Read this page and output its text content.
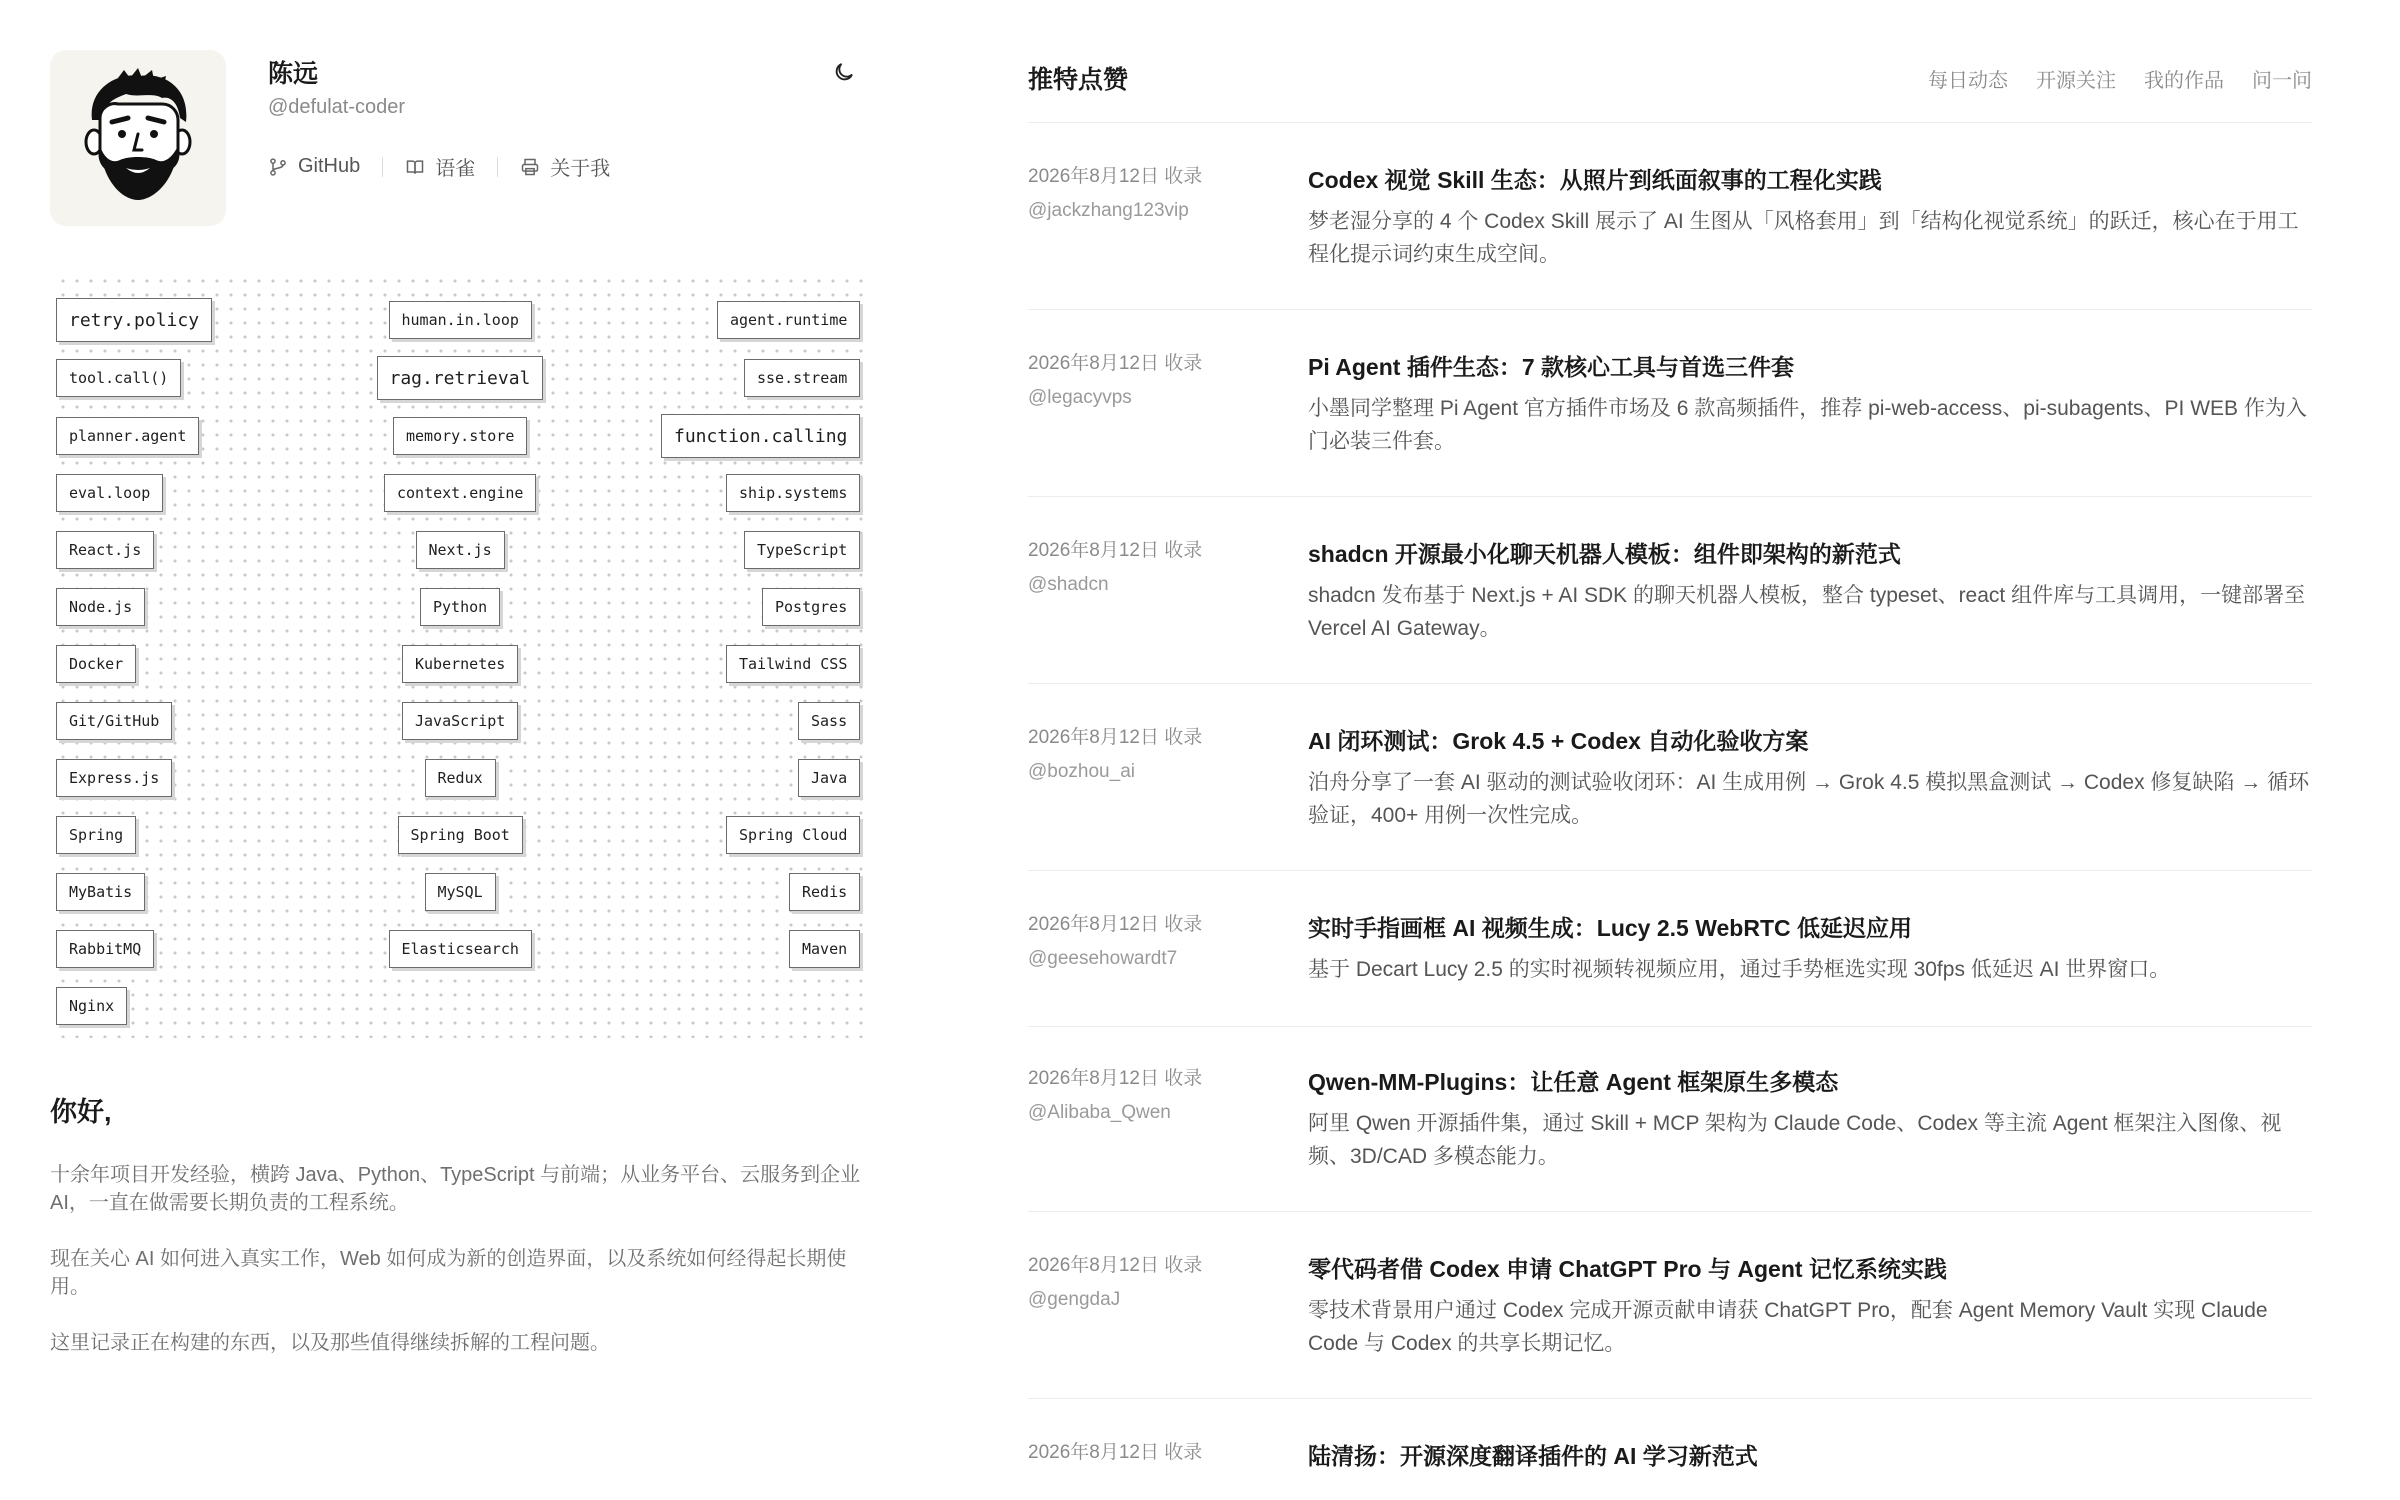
陈远
@defulat-coder
GitHub	语雀	关于我
retry.policy	human.in.loop	agent.runtime
tool.call()	rag.retrieval	sse.stream
planner.agent	memory.store	function.calling
eval.loop	context.engine	ship.systems
React.js	Next.js	TypeScript
Node.js	Python	Postgres
Docker	Kubernetes	Tailwind CSS
Git/GitHub	JavaScript	Sass
Express.js	Redux	Java
Spring	Spring Boot	Spring Cloud
MyBatis	MySQL	Redis
RabbitMQ	Elasticsearch	Maven
Nginx
你好,

十余年项目开发经验，横跨 Java、Python、TypeScript 与前端；从业务平台、云服务到企业 AI，一直在做需要长期负责的工程系统。

现在关心 AI 如何进入真实工作，Web 如何成为新的创造界面，以及系统如何经得起长期使用。

这里记录正在构建的东西，以及那些值得继续拆解的工程问题。

推特点赞	每日动态 开源关注 我的作品 问一问
2026年8月12日 收录
@jackzhang123vip
Codex 视觉 Skill 生态：从照片到纸面叙事的工程化实践
梦老湿分享的 4 个 Codex Skill 展示了 AI 生图从「风格套用」到「结构化视觉系统」的跃迁，核心在于用工程化提示词约束生成空间。
2026年8月12日 收录
@legacyvps
Pi Agent 插件生态：7 款核心工具与首选三件套
小墨同学整理 Pi Agent 官方插件市场及 6 款高频插件，推荐 pi-web-access、pi-subagents、PI WEB 作为入门必装三件套。
2026年8月12日 收录
@shadcn
shadcn 开源最小化聊天机器人模板：组件即架构的新范式
shadcn 发布基于 Next.js + AI SDK 的聊天机器人模板，整合 typeset、react 组件库与工具调用，一键部署至 Vercel AI Gateway。
2026年8月12日 收录
@bozhou_ai
AI 闭环测试：Grok 4.5 + Codex 自动化验收方案
泊舟分享了一套 AI 驱动的测试验收闭环：AI 生成用例 → Grok 4.5 模拟黑盒测试 → Codex 修复缺陷 → 循环验证，400+ 用例一次性完成。
2026年8月12日 收录
@geesehowardt7
实时手指画框 AI 视频生成：Lucy 2.5 WebRTC 低延迟应用
基于 Decart Lucy 2.5 的实时视频转视频应用，通过手势框选实现 30fps 低延迟 AI 世界窗口。
2026年8月12日 收录
@Alibaba_Qwen
Qwen-MM-Plugins：让任意 Agent 框架原生多模态
阿里 Qwen 开源插件集，通过 Skill + MCP 架构为 Claude Code、Codex 等主流 Agent 框架注入图像、视频、3D/CAD 多模态能力。
2026年8月12日 收录
@gengdaJ
零代码者借 Codex 申请 ChatGPT Pro 与 Agent 记忆系统实践
零技术背景用户通过 Codex 完成开源贡献申请获 ChatGPT Pro，配套 Agent Memory Vault 实现 Claude Code 与 Codex 的共享长期记忆。
2026年8月12日 收录	陆清扬：开源深度翻译插件的 AI 学习新范式
